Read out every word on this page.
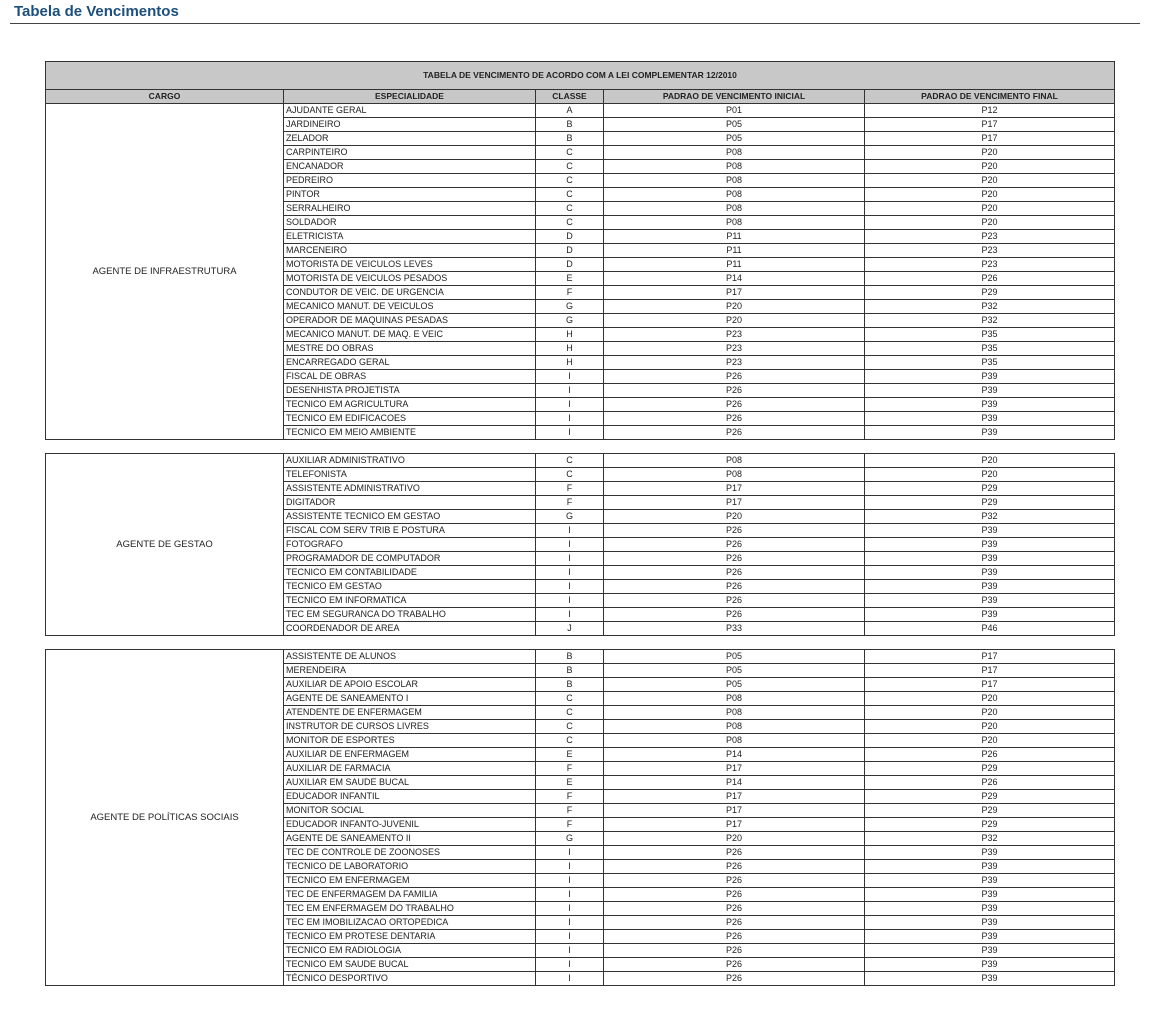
Tabela de Vencimentos
TABELA DE VENCIMENTO DE ACORDO COM A LEI COMPLEMENTAR 12/2010				
CARGO	ESPECIALIDADE	CLASSE	PADRAO DE VENCIMENTO INICIAL	PADRAO DE VENCIMENTO FINAL
AGENTE DE INFRAESTRUTURA	AJUDANTE GERAL	A	P01	P12
	JARDINEIRO	B	P05	P17
	ZELADOR	B	P05	P17
	CARPINTEIRO	C	P08	P20
	ENCANADOR	C	P08	P20
	PEDREIRO	C	P08	P20
	PINTOR	C	P08	P20
	SERRALHEIRO	C	P08	P20
	SOLDADOR	C	P08	P20
	ELETRICISTA	D	P11	P23
	MARCENEIRO	D	P11	P23
	MOTORISTA DE VEICULOS LEVES	D	P11	P23
	MOTORISTA DE VEICULOS PESADOS	E	P14	P26
	CONDUTOR DE VEIC. DE URGENCIA	F	P17	P29
	MECANICO MANUT. DE VEICULOS	G	P20	P32
	OPERADOR DE MAQUINAS PESADAS	G	P20	P32
	MECANICO MANUT. DE MAQ. E VEIC	H	P23	P35
	MESTRE DO OBRAS	H	P23	P35
	ENCARREGADO GERAL	H	P23	P35
	FISCAL DE OBRAS	I	P26	P39
	DESENHISTA PROJETISTA	I	P26	P39
	TECNICO EM AGRICULTURA	I	P26	P39
	TECNICO EM EDIFICACOES	I	P26	P39
	TECNICO EM MEIO AMBIENTE	I	P26	P39

AGENTE DE GESTAO	AUXILIAR ADMINISTRATIVO	C	P08	P20
	TELEFONISTA	C	P08	P20
	ASSISTENTE ADMINISTRATIVO	F	P17	P29
	DIGITADOR	F	P17	P29
	ASSISTENTE TECNICO EM GESTAO	G	P20	P32
	FISCAL COM SERV TRIB E POSTURA	I	P26	P39
	FOTOGRAFO	I	P26	P39
	PROGRAMADOR DE COMPUTADOR	I	P26	P39
	TECNICO EM CONTABILIDADE	I	P26	P39
	TECNICO EM GESTAO	I	P26	P39
	TECNICO EM INFORMATICA	I	P26	P39
	TEC EM SEGURANCA DO TRABALHO	I	P26	P39
	COORDENADOR DE AREA	J	P33	P46

AGENTE DE POLÍTICAS SOCIAIS	ASSISTENTE DE ALUNOS	B	P05	P17
	MERENDEIRA	B	P05	P17
	AUXILIAR DE APOIO ESCOLAR	B	P05	P17
	AGENTE DE SANEAMENTO I	C	P08	P20
	ATENDENTE DE ENFERMAGEM	C	P08	P20
	INSTRUTOR DE CURSOS LIVRES	C	P08	P20
	MONITOR DE ESPORTES	C	P08	P20
	AUXILIAR DE ENFERMAGEM	E	P14	P26
	AUXILIAR DE FARMACIA	F	P17	P29
	AUXILIAR EM SAUDE BUCAL	E	P14	P26
	EDUCADOR INFANTIL	F	P17	P29
	MONITOR SOCIAL	F	P17	P29
	EDUCADOR INFANTO-JUVENIL	F	P17	P29
	AGENTE DE SANEAMENTO II	G	P20	P32
	TEC DE CONTROLE DE ZOONOSES	I	P26	P39
	TECNICO DE LABORATORIO	I	P26	P39
	TECNICO EM ENFERMAGEM	I	P26	P39
	TEC DE ENFERMAGEM DA FAMILIA	I	P26	P39
	TEC EM ENFERMAGEM DO TRABALHO	I	P26	P39
	TEC EM IMOBILIZACAO ORTOPEDICA	I	P26	P39
	TECNICO EM PROTESE DENTARIA	I	P26	P39
	TECNICO EM RADIOLOGIA	I	P26	P39
	TECNICO EM SAUDE BUCAL	I	P26	P39
	TÉCNICO DESPORTIVO	I	P26	P39
